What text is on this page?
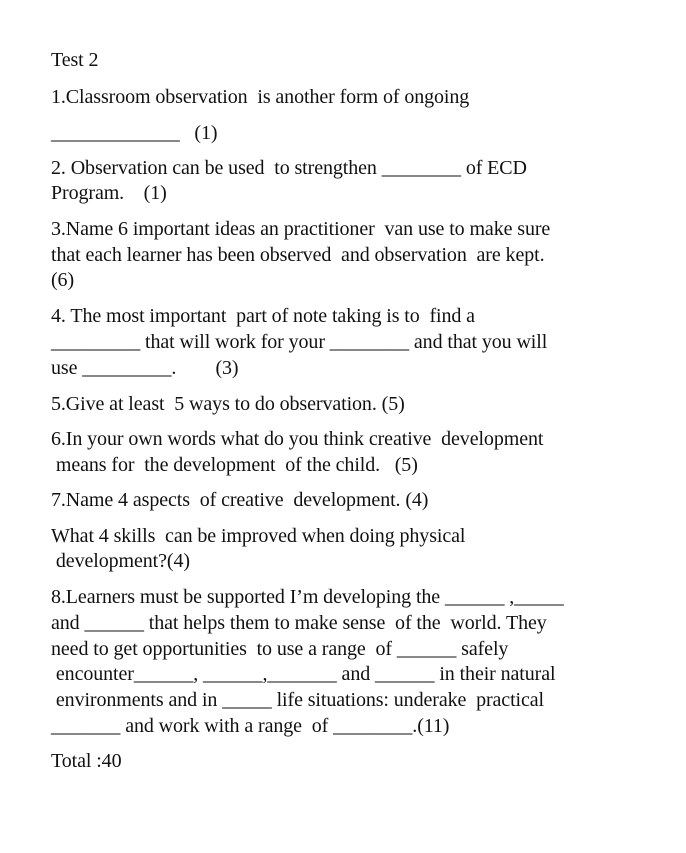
Test 2
1.Classroom observation  is another form of ongoing
_____________   (1)
2. Observation can be used  to strengthen ________ of ECD
Program.    (1)
3.Name 6 important ideas an practitioner  van use to make sure
that each learner has been observed  and observation  are kept.
(6)
4. The most important  part of note taking is to  find a
_________ that will work for your ________ and that you will
use _________.        (3)
5.Give at least  5 ways to do observation. (5)
6.In your own words what do you think creative  development
means for  the development  of the child.   (5)
7.Name 4 aspects  of creative  development. (4)
What 4 skills  can be improved when doing physical
development?(4)
8.Learners must be supported I’m developing the ______ ,_____
and ______ that helps them to make sense  of the  world. They
need to get opportunities  to use a range  of ______ safely
encounter______, ______,_______ and ______ in their natural
environments and in _____ life situations: underake  practical
_______ and work with a range  of ________.(11)
Total :40
